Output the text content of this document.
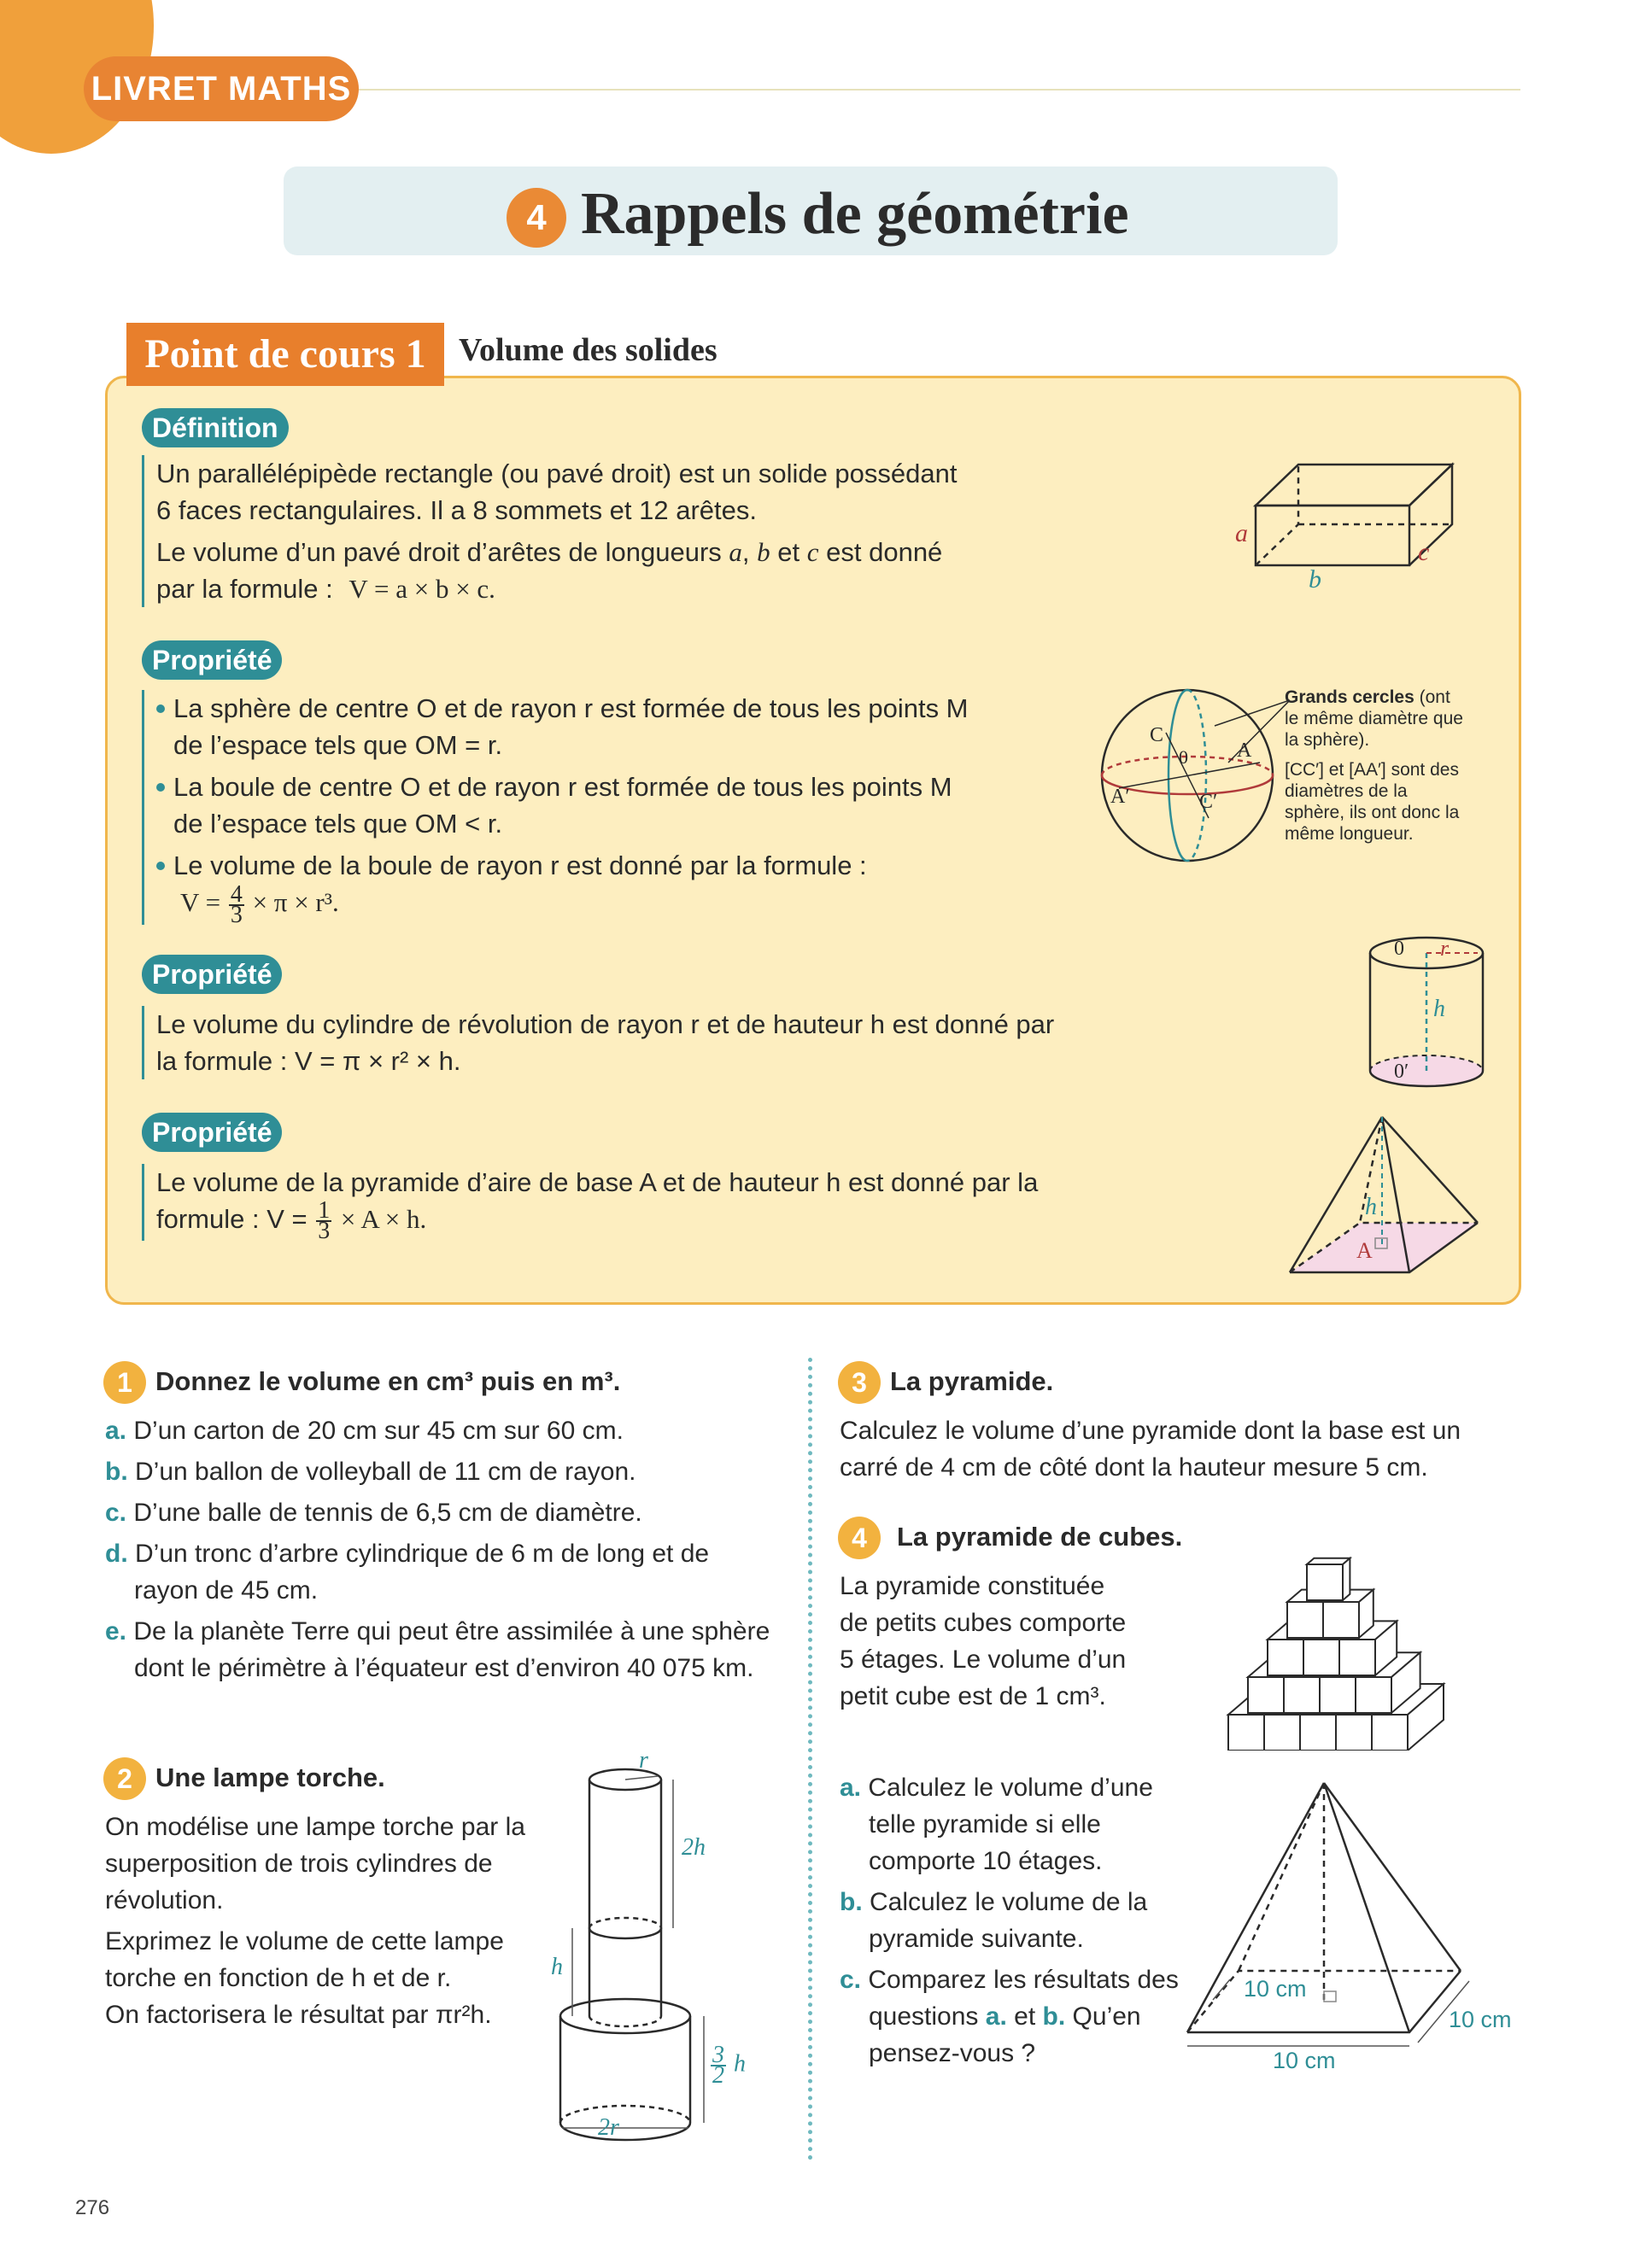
LIVRET MATHS
4 Rappels de géométrie
Point de cours 1	Volume des solides
Définition
Un parallélépipède rectangle (ou pavé droit) est un solide possédant
6 faces rectangulaires. Il a 8 sommets et 12 arêtes.
Le volume d’un pavé droit d’arêtes de longueurs a, b et c est donné
par la formule : V = a × b × c.
a
b
c
Propriété
La sphère de centre O et de rayon r est formée de tous les points M
de l’espace tels que OM = r.
La boule de centre O et de rayon r est formée de tous les points M
de l’espace tels que OM < r.
Le volume de la boule de rayon r est donné par la formule :
$V = \frac{4}{3} \times \pi \times r^3$.
C
0 A
A′	C′
Grands cercles (ont le même diamètre que la sphère).
[CC′] et [AA′] sont des diamètres de la sphère, ils ont donc la même longueur.
Propriété
Le volume du cylindre de révolution de rayon r et de hauteur h est donné par
la formule : V = π × r² × h.
0 r
h
0′
Propriété
Le volume de la pyramide d’aire de base A et de hauteur h est donné par la
formule : $V = \frac{1}{3} \times A \times h$.	h
A
1 Donnez le volume en cm³ puis en m³.
a. D’un carton de 20 cm sur 45 cm sur 60 cm.
b. D’un ballon de volleyball de 11 cm de rayon.
c. D’une balle de tennis de 6,5 cm de diamètre.
d. D’un tronc d’arbre cylindrique de 6 m de long et de rayon de 45 cm.
e. De la planète Terre qui peut être assimilée à une sphère dont le périmètre à l’équateur est d’environ 40 075 km.
2 Une lampe torche.
On modélise une lampe torche par la superposition de trois cylindres de révolution.
Exprimez le volume de cette lampe
torche en fonction de h et de r.
On factorisera le résultat par πr²h.
r
2h
h
$\frac{3}{2}$ h
2r
3 La pyramide.
Calculez le volume d’une pyramide dont la base est un carré de 4 cm de côté dont la hauteur mesure 5 cm.
4	La pyramide de cubes.
La pyramide constituée
de petits cubes comporte
5 étages. Le volume d’un
petit cube est de 1 cm³.
a. Calculez le volume d’une telle pyramide si elle comporte 10 étages.
b. Calculez le volume de la pyramide suivante.
c. Comparez les résultats des questions a. et b. Qu’en pensez-vous ?
10 cm
10 cm
10 cm
276
